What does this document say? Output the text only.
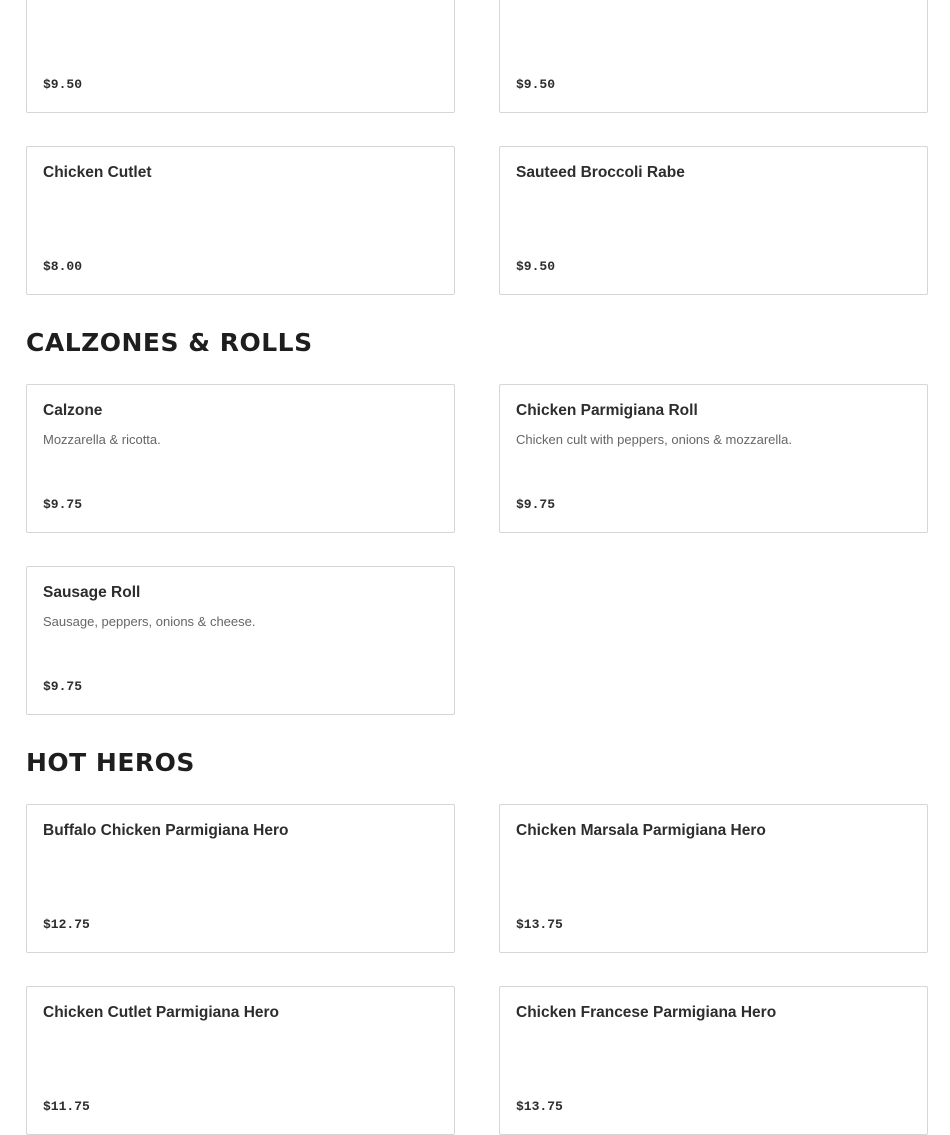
$9.50	$9.50
Chicken Cutlet
$8.00
Sauteed Broccoli Rabe
$9.50
CALZONES & ROLLS
Calzone
Mozzarella & ricotta.
$9.75
Chicken Parmigiana Roll
Chicken cult with peppers, onions & mozzarella.
$9.75
Sausage Roll
Sausage, peppers, onions & cheese.
$9.75
HOT HEROS
Buffalo Chicken Parmigiana Hero
$12.75
Chicken Marsala Parmigiana Hero
$13.75
Chicken Cutlet Parmigiana Hero
$11.75
Chicken Francese Parmigiana Hero
$13.75
